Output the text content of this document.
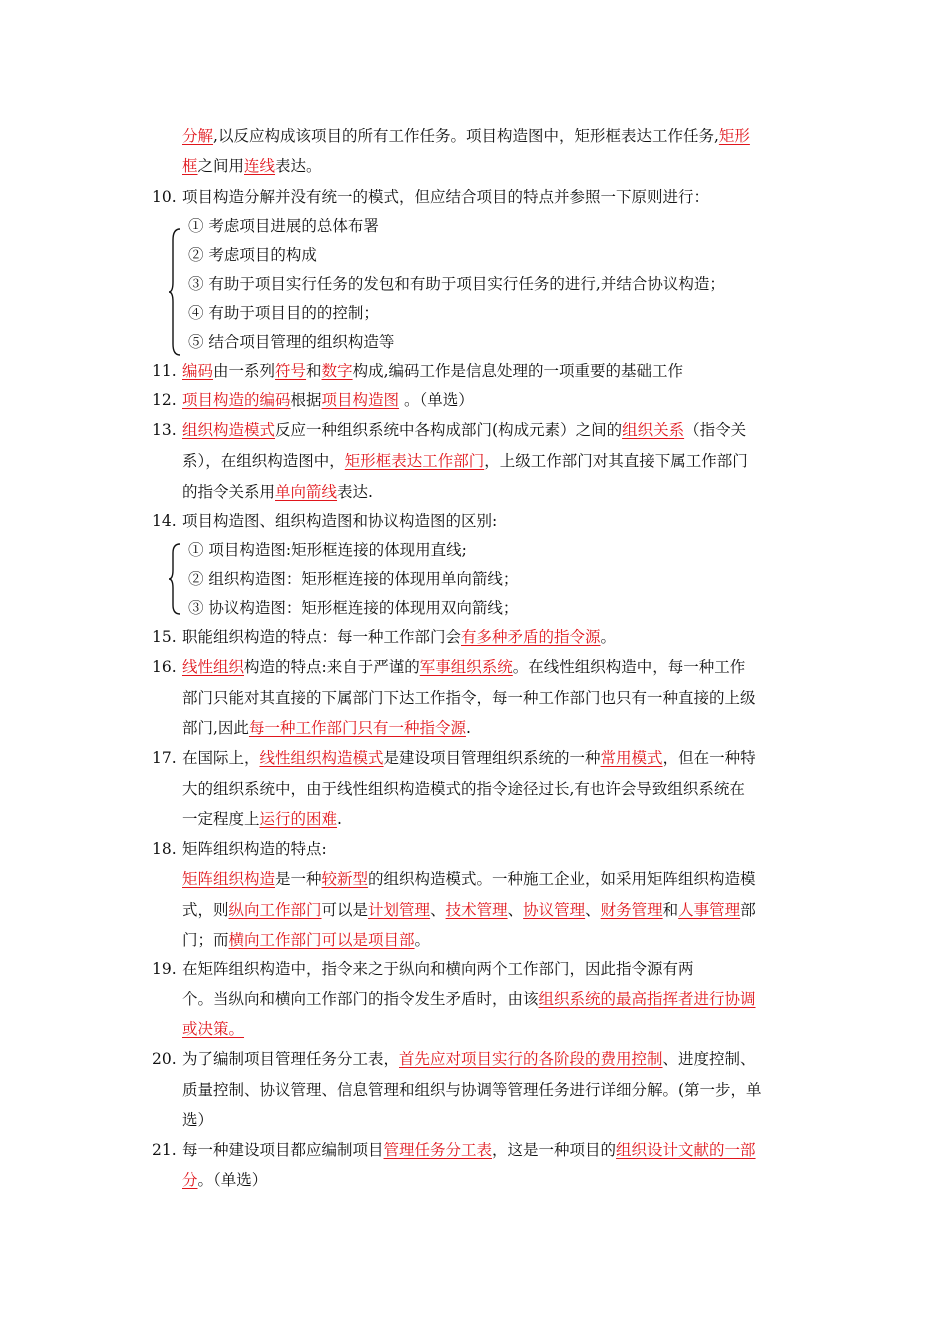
分解,以反应构成该项目的所有工作任务。项目构造图中，矩形框表达工作任务,矩形
框之间用连线表达。
10. 项目构造分解并没有统一的模式，但应结合项目的特点并参照一下原则进行：
① 考虑项目进展的总体布署
② 考虑项目的构成
③ 有助于项目实行任务的发包和有助于项目实行任务的进行,并结合协议构造；
④ 有助于项目目的的控制；
⑤ 结合项目管理的组织构造等
11. 编码由一系列符号和数字构成,编码工作是信息处理的一项重要的基础工作
12. 项目构造的编码根据项目构造图 。（单选）
13. 组织构造模式反应一种组织系统中各构成部门(构成元素）之间的组织关系（指令关
系），在组织构造图中，矩形框表达工作部门，上级工作部门对其直接下属工作部门
的指令关系用单向箭线表达.
14. 项目构造图、组织构造图和协议构造图的区别:
① 项目构造图:矩形框连接的体现用直线;
② 组织构造图：矩形框连接的体现用单向箭线；
③ 协议构造图：矩形框连接的体现用双向箭线；
15. 职能组织构造的特点：每一种工作部门会有多种矛盾的指令源。
16. 线性组织构造的特点:来自于严谨的军事组织系统。在线性组织构造中，每一种工作
部门只能对其直接的下属部门下达工作指令，每一种工作部门也只有一种直接的上级
部门,因此每一种工作部门只有一种指令源.
17. 在国际上，线性组织构造模式是建设项目管理组织系统的一种常用模式，但在一种特
大的组织系统中，由于线性组织构造模式的指令途径过长,有也许会导致组织系统在
一定程度上运行的困难.
18. 矩阵组织构造的特点:
矩阵组织构造是一种较新型的组织构造模式。一种施工企业，如采用矩阵组织构造模
式，则纵向工作部门可以是计划管理、技术管理、协议管理、财务管理和人事管理部
门；而横向工作部门可以是项目部。
19. 在矩阵组织构造中，指令来之于纵向和横向两个工作部门，因此指令源有两
个。当纵向和横向工作部门的指令发生矛盾时，由该组织系统的最高指挥者进行协调
或决策。
20. 为了编制项目管理任务分工表，首先应对项目实行的各阶段的费用控制、进度控制、
质量控制、协议管理、信息管理和组织与协调等管理任务进行详细分解。(第一步，单
选）
21. 每一种建设项目都应编制项目管理任务分工表，这是一种项目的组织设计文献的一部
分。（单选）
